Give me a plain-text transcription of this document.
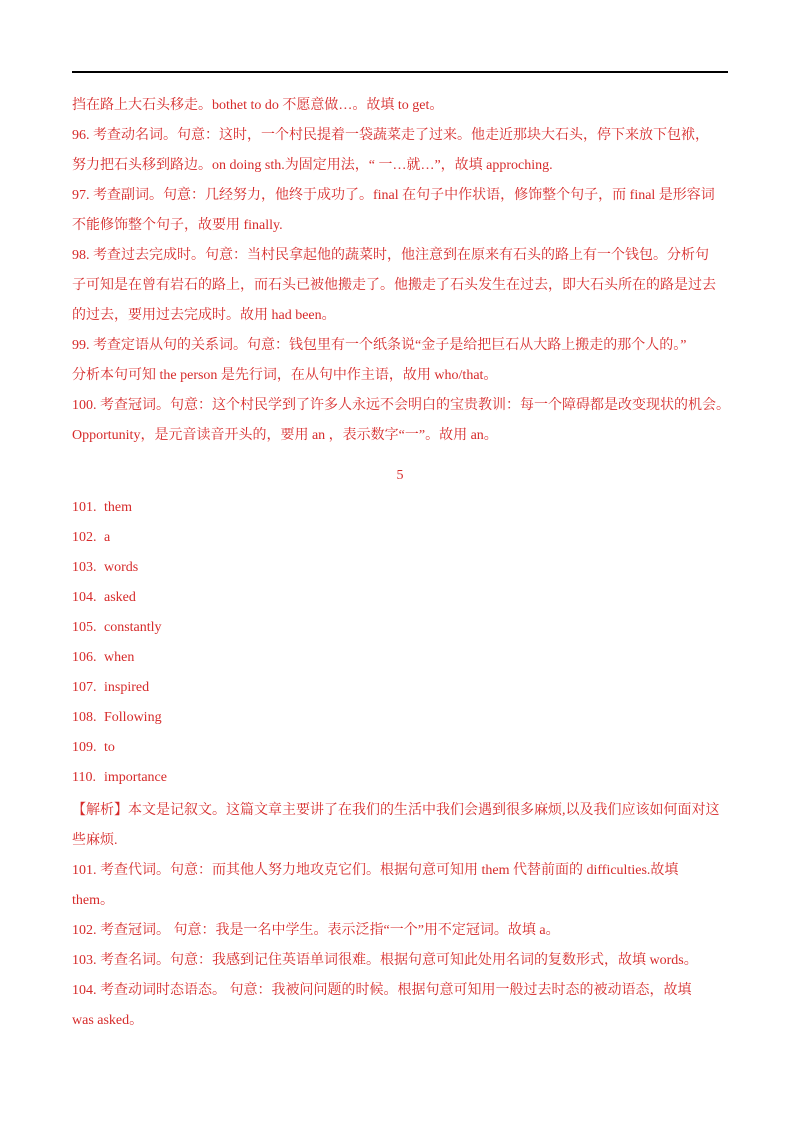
挡在路上大石头移走。bothet to do 不愿意做…。故填 to get。
96. 考查动名词。句意：这时，一个村民提着一袋蔬菜走了过来。他走近那块大石头，停下来放下包袱，
努力把石头移到路边。on doing sth.为固定用法，“ 一…就…”，故填 approching.
97. 考查副词。句意：几经努力，他终于成功了。final 在句子中作状语，修饰整个句子，而 final 是形容词
不能修饰整个句子，故要用 finally.
98. 考查过去完成时。句意：当村民拿起他的蔬菜时，他注意到在原来有石头的路上有一个钱包。分析句
子可知是在曾有岩石的路上，而石头已被他搬走了。他搬走了石头发生在过去，即大石头所在的路是过去
的过去，要用过去完成时。故用 had been。
99. 考查定语从句的关系词。句意：钱包里有一个纸条说“金子是给把巨石从大路上搬走的那个人的。”
分析本句可知 the person 是先行词，在从句中作主语，故用 who/that。
100. 考查冠词。句意：这个村民学到了许多人永远不会明白的宝贵教训：每一个障碍都是改变现状的机会。
Opportunity，是元音读音开头的，要用 an ，表示数字“一”。故用 an。
5
101. them
102. a
103. words
104. asked
105. constantly
106. when
107. inspired
108. Following
109. to
110. importance
【解析】本文是记叙文。这篇文章主要讲了在我们的生活中我们会遇到很多麻烦,以及我们应该如何面对这
些麻烦.
101. 考查代词。句意：而其他人努力地攻克它们。根据句意可知用 them 代替前面的 difficulties.故填
them。
102. 考查冠词。 句意：我是一名中学生。表示泛指“一个”用不定冠词。故填 a。
103. 考查名词。句意：我感到记住英语单词很难。根据句意可知此处用名词的复数形式，故填 words。
104. 考查动词时态语态。 句意：我被问问题的时候。根据句意可知用一般过去时态的被动语态，故填
was asked。
